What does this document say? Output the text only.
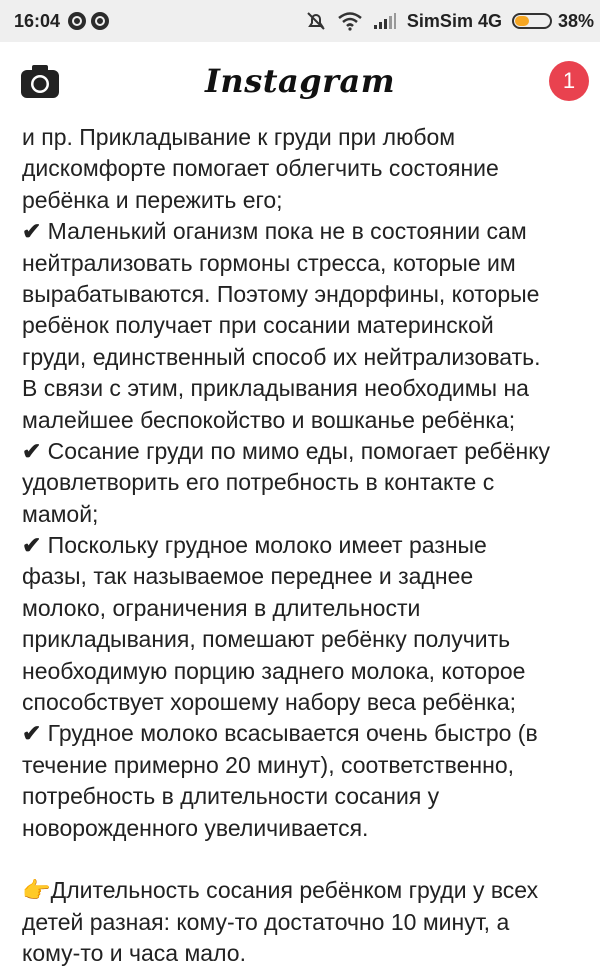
16:04	SimSim 4G	38%
Instagram	1
и пр. Прикладывание к груди при любом
дискомфорте помогает облегчить состояние
ребёнка и пережить его;
✔ Маленький оганизм пока не в состоянии сам
нейтрализовать гормоны стресса, которые им
вырабатываются. Поэтому эндорфины, которые
ребёнок получает при сосании материнской
груди, единственный способ их нейтрализовать.
В связи с этим, прикладывания необходимы на
малейшее беспокойство и вошканье ребёнка;
✔ Сосание груди по мимо еды, помогает ребёнку
удовлетворить его потребность в контакте с
мамой;
✔ Поскольку грудное молоко имеет разные
фазы, так называемое переднее и заднее
молоко, ограничения в длительности
прикладывания, помешают ребёнку получить
необходимую порцию заднего молока, которое
способствует хорошему набору веса ребёнка;
✔ Грудное молоко всасывается очень быстро (в
течение примерно 20 минут), соответственно,
потребность в длительности сосания у
новорожденного увеличивается.
👉Длительность сосания ребёнком груди у всех
детей разная: кому-то достаточно 10 минут, а
кому-то и часа мало.
